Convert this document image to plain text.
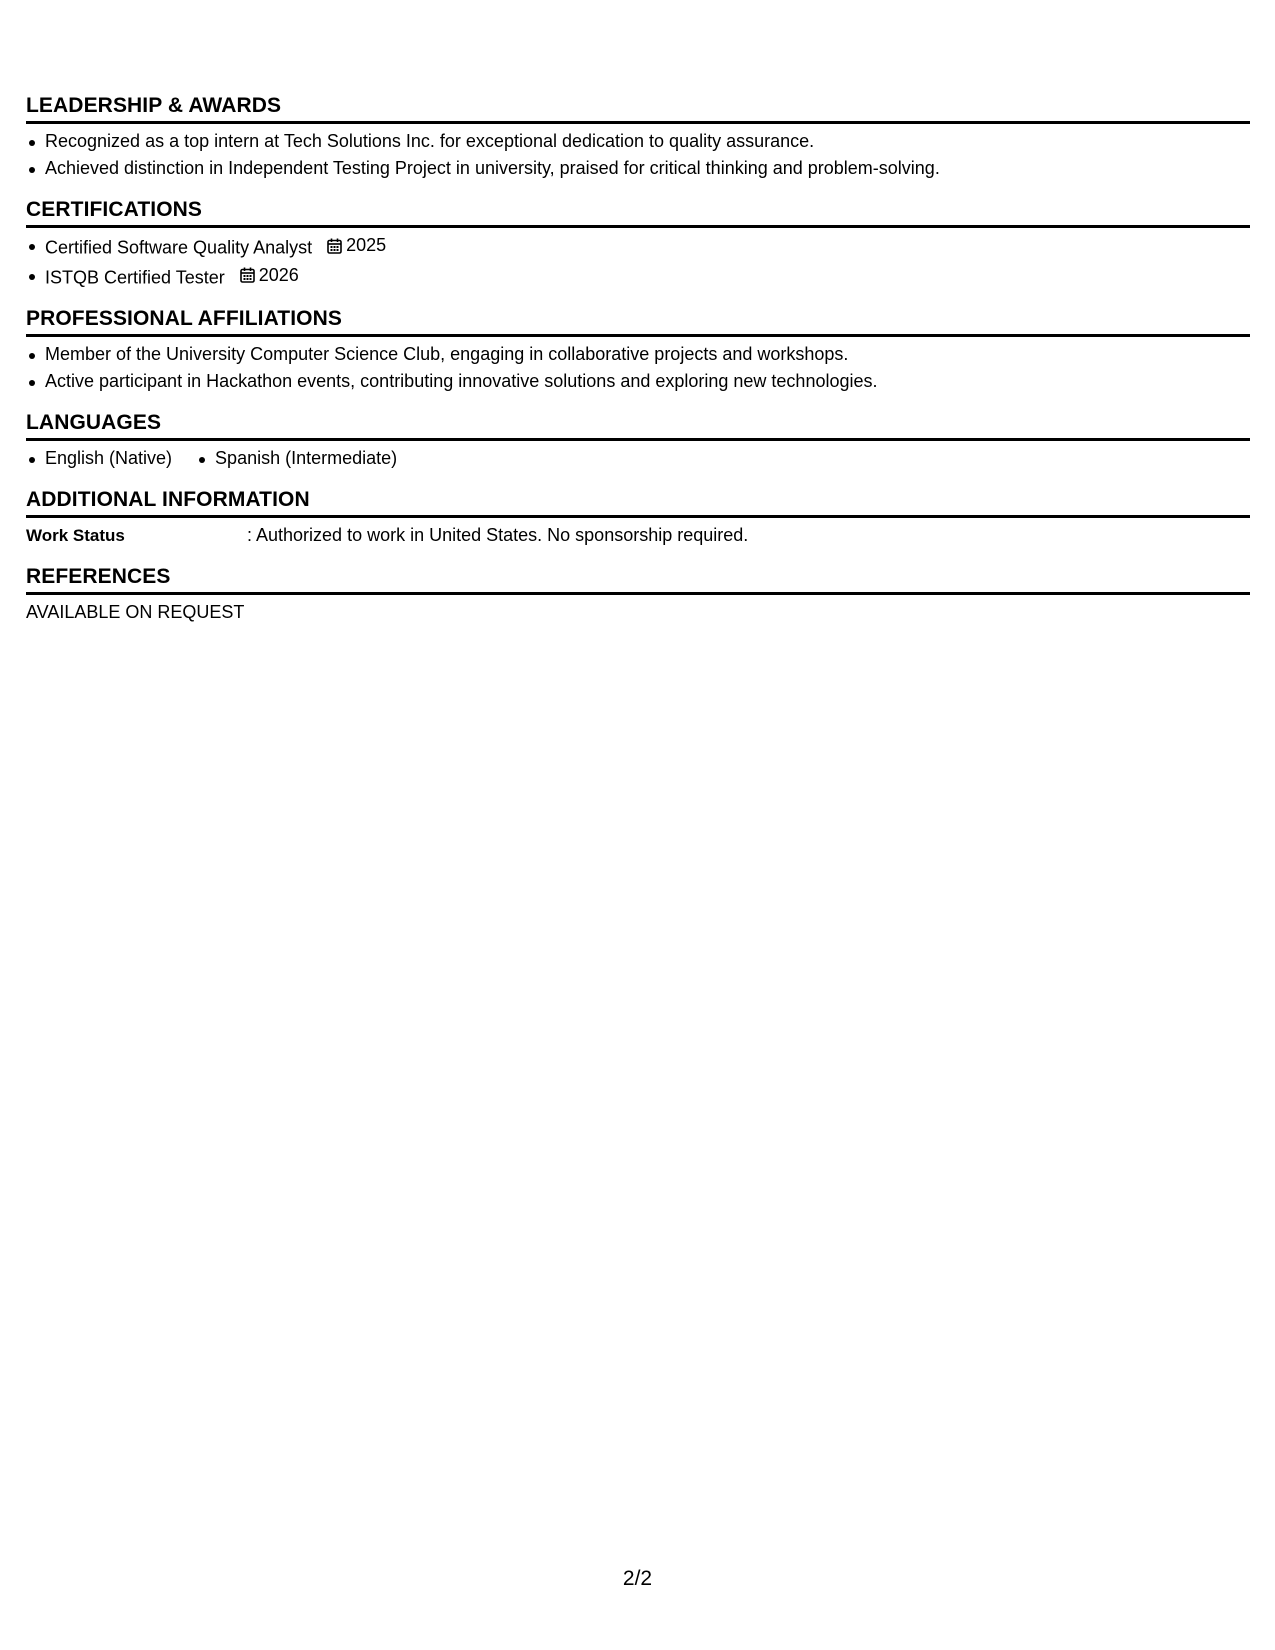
LEADERSHIP & AWARDS
Recognized as a top intern at Tech Solutions Inc. for exceptional dedication to quality assurance.
Achieved distinction in Independent Testing Project in university, praised for critical thinking and problem-solving.
CERTIFICATIONS
Certified Software Quality Analyst 2025
ISTQB Certified Tester 2026
PROFESSIONAL AFFILIATIONS
Member of the University Computer Science Club, engaging in collaborative projects and workshops.
Active participant in Hackathon events, contributing innovative solutions and exploring new technologies.
LANGUAGES
English (Native)	Spanish (Intermediate)
ADDITIONAL INFORMATION
Work Status	: Authorized to work in United States. No sponsorship required.
REFERENCES
AVAILABLE ON REQUEST
2/2
